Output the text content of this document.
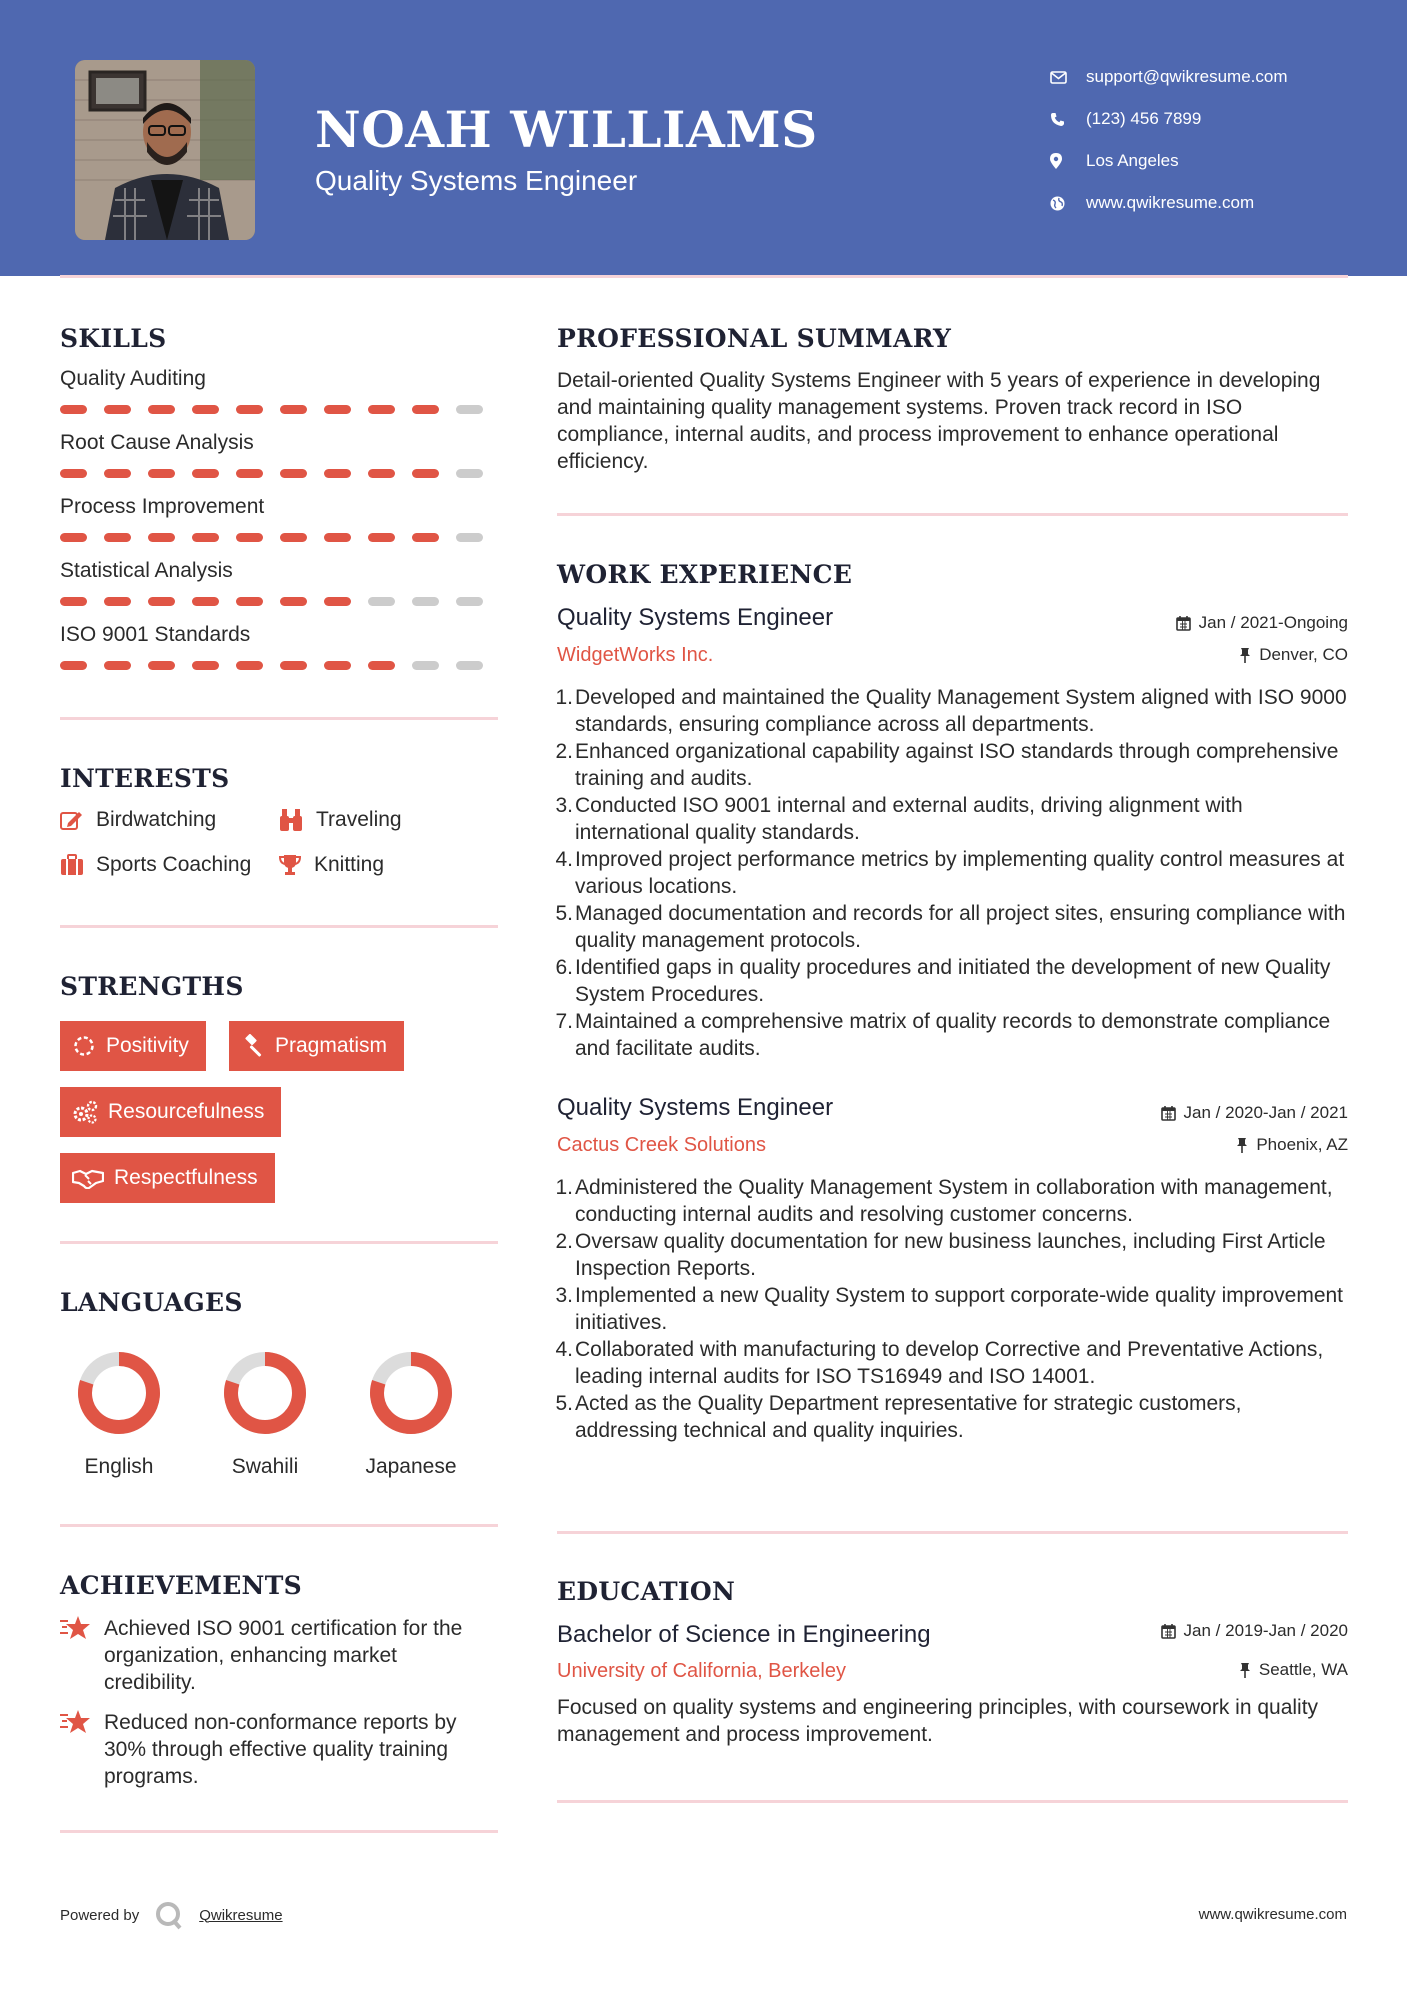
NOAH WILLIAMS
Quality Systems Engineer
support@qwikresume.com
(123) 456 7899
Los Angeles
www.qwikresume.com
SKILLS
Quality Auditing
Root Cause Analysis
Process Improvement
Statistical Analysis
ISO 9001 Standards
INTERESTS
Birdwatching	Traveling
Sports Coaching	Knitting
STRENGTHS
Positivity	Pragmatism
Resourcefulness
Respectfulness
LANGUAGES
English	Swahili	Japanese
ACHIEVEMENTS
Achieved ISO 9001 certification for the organization, enhancing market credibility.
Reduced non-conformance reports by 30% through effective quality training programs.
PROFESSIONAL SUMMARY
Detail-oriented Quality Systems Engineer with 5 years of experience in developing and maintaining quality management systems. Proven track record in ISO compliance, internal audits, and process improvement to enhance operational efficiency.
WORK EXPERIENCE
Quality Systems Engineer	Jan / 2021-Ongoing
WidgetWorks Inc.	Denver, CO
1. Developed and maintained the Quality Management System aligned with ISO 9000 standards, ensuring compliance across all departments.
2. Enhanced organizational capability against ISO standards through comprehensive training and audits.
3. Conducted ISO 9001 internal and external audits, driving alignment with international quality standards.
4. Improved project performance metrics by implementing quality control measures at various locations.
5. Managed documentation and records for all project sites, ensuring compliance with quality management protocols.
6. Identified gaps in quality procedures and initiated the development of new Quality System Procedures.
7. Maintained a comprehensive matrix of quality records to demonstrate compliance and facilitate audits.
Quality Systems Engineer	Jan / 2020-Jan / 2021
Cactus Creek Solutions	Phoenix, AZ
1. Administered the Quality Management System in collaboration with management, conducting internal audits and resolving customer concerns.
2. Oversaw quality documentation for new business launches, including First Article Inspection Reports.
3. Implemented a new Quality System to support corporate-wide quality improvement initiatives.
4. Collaborated with manufacturing to develop Corrective and Preventative Actions, leading internal audits for ISO TS16949 and ISO 14001.
5. Acted as the Quality Department representative for strategic customers, addressing technical and quality inquiries.
EDUCATION
Bachelor of Science in Engineering	Jan / 2019-Jan / 2020
University of California, Berkeley	Seattle, WA
Focused on quality systems and engineering principles, with coursework in quality management and process improvement.
Powered by	Qwikresume	www.qwikresume.com
